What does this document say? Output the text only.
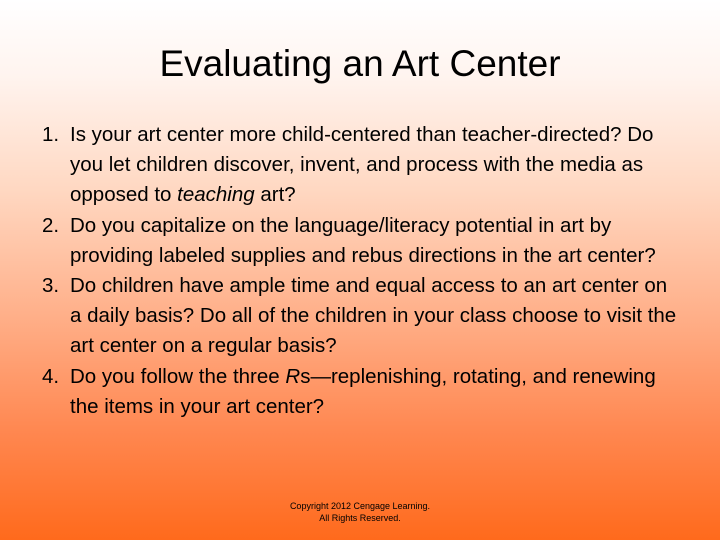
Evaluating an Art Center
1. Is your art center more child-centered than teacher-directed? Do you let children discover, invent, and process with the media as opposed to teaching art?
2. Do you capitalize on the language/literacy potential in art by providing labeled supplies and rebus directions in the art center?
3. Do children have ample time and equal access to an art center on a daily basis? Do all of the children in your class choose to visit the art center on a regular basis?
4. Do you follow the three Rs—replenishing, rotating, and renewing the items in your art center?
Copyright 2012 Cengage Learning.
All Rights Reserved.
